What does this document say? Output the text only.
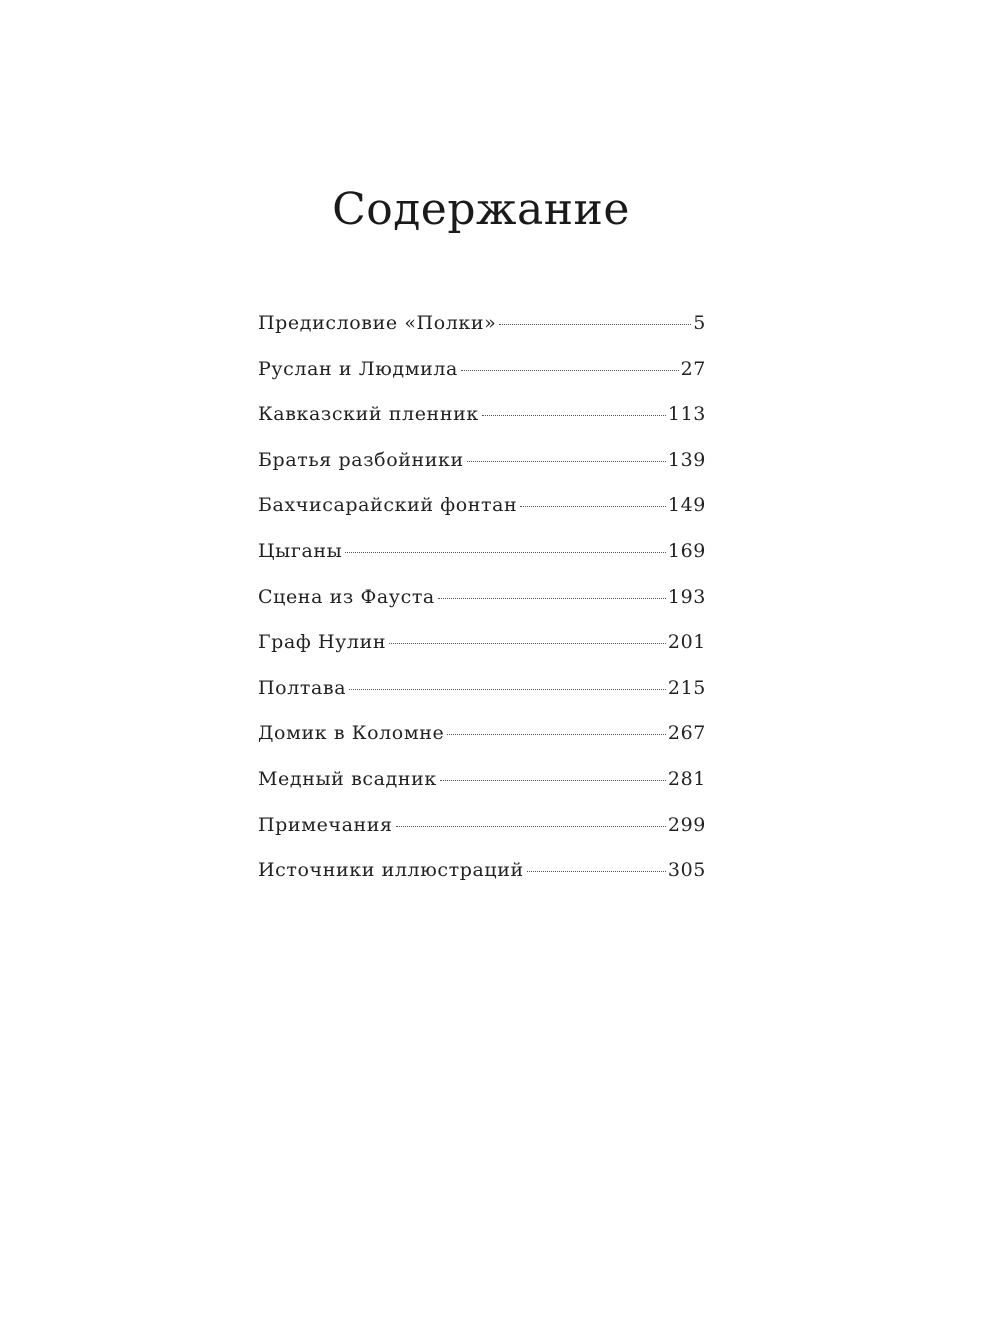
Содержание
Предисловие «Полки»	5
Руслан и Людмила	27
Кавказский пленник	113
Братья разбойники	139
Бахчисарайский фонтан	149
Цыганы	169
Сцена из Фауста	193
Граф Нулин	201
Полтава	215
Домик в Коломне	267
Медный всадник	281
Примечания	299
Источники иллюстраций	305
